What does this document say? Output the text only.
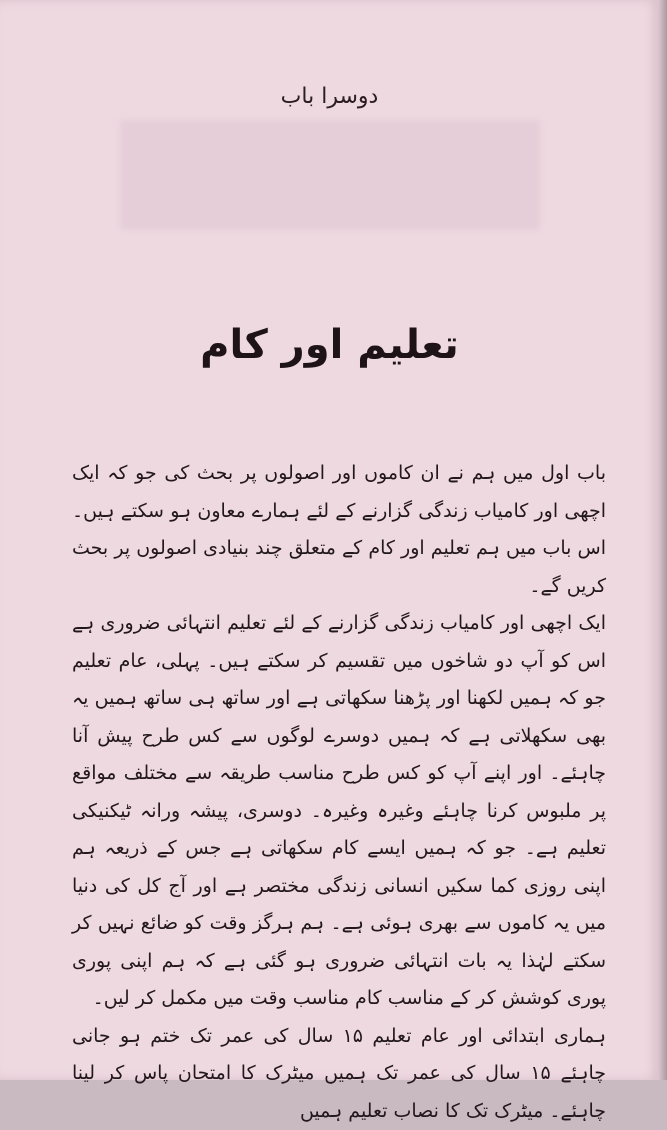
دوسرا باب
تعلیم اور کام

باب اول میں ہم نے ان کاموں اور اصولوں پر بحث کی جو کہ ایک اچھی اور کامیاب زندگی گزارنے کے لئے ہمارے معاون ہو سکتے ہیں۔ اس باب میں ہم تعلیم اور کام کے متعلق چند بنیادی اصولوں پر بحث کریں گے۔

ایک اچھی اور کامیاب زندگی گزارنے کے لئے تعلیم انتہائی ضروری ہے اس کو آپ دو شاخوں میں تقسیم کر سکتے ہیں۔ پہلی، عام تعلیم جو کہ ہمیں لکھنا اور پڑھنا سکھاتی ہے اور ساتھ ہی ساتھ ہمیں یہ بھی سکھلاتی ہے کہ ہمیں دوسرے لوگوں سے کس طرح پیش آنا چاہئے۔ اور اپنے آپ کو کس طرح مناسب طریقہ سے مختلف مواقع پر ملبوس کرنا چاہئے وغیرہ وغیرہ۔ دوسری، پیشہ ورانہ ٹیکنیکی تعلیم ہے۔ جو کہ ہمیں ایسے کام سکھاتی ہے جس کے ذریعہ ہم اپنی روزی کما سکیں انسانی زندگی مختصر ہے اور آج کل کی دنیا میں یہ کاموں سے بھری ہوئی ہے۔ ہم ہرگز وقت کو ضائع نہیں کر سکتے لہٰذا یہ بات انتہائی ضروری ہو گئی ہے کہ ہم اپنی پوری پوری کوشش کر کے مناسب کام مناسب وقت میں مکمل کر لیں۔

ہماری ابتدائی اور عام تعلیم ۱۵ سال کی عمر تک ختم ہو جانی چاہئے ۱۵ سال کی عمر تک ہمیں میٹرک کا امتحان پاس کر لینا چاہئے۔ میٹرک تک کا نصاب تعلیم ہمیں
